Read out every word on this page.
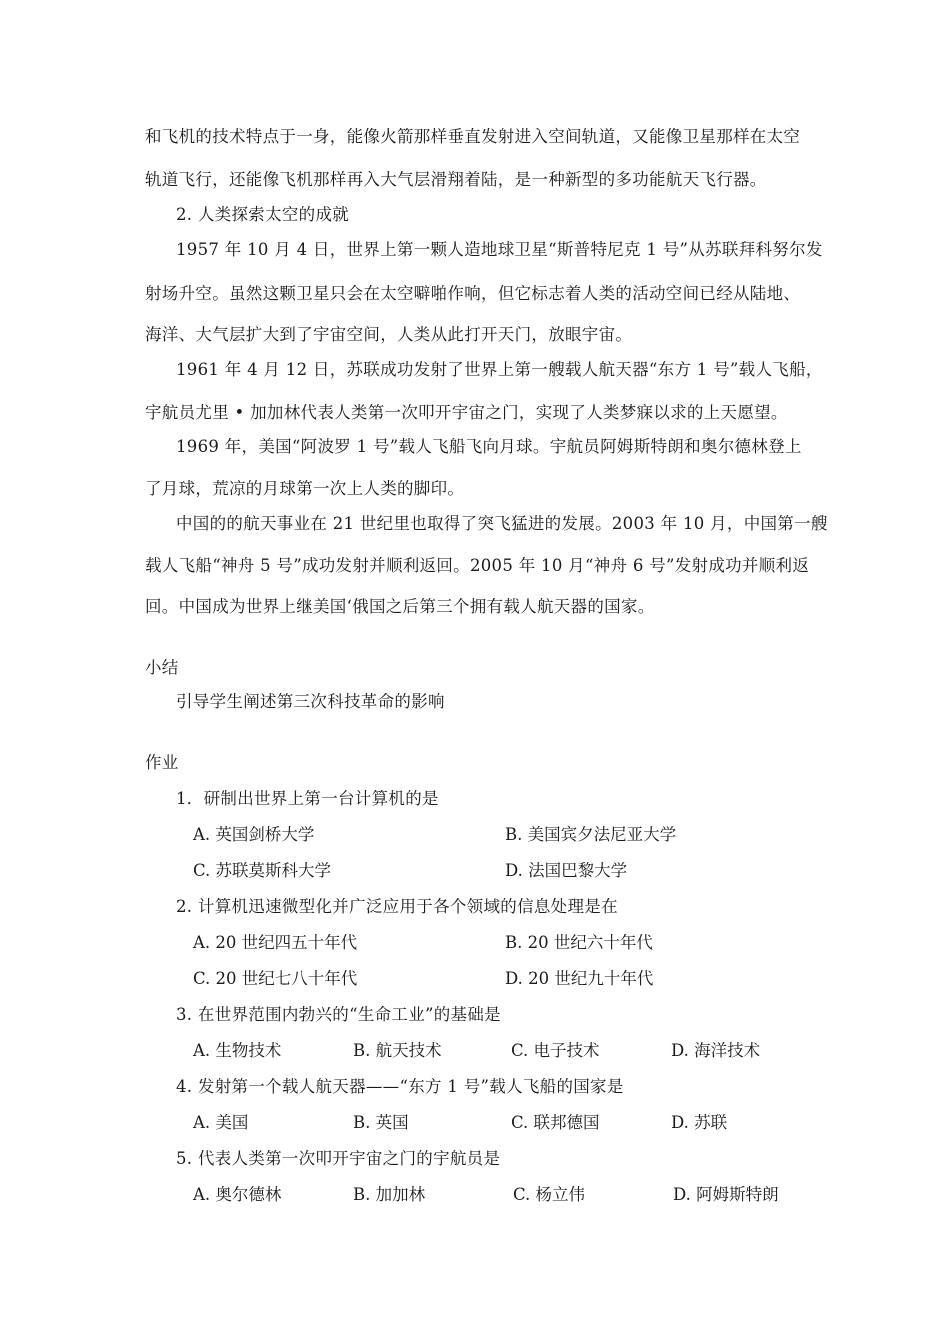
和飞机的技术特点于一身，能像火箭那样垂直发射进入空间轨道，又能像卫星那样在太空
轨道飞行，还能像飞机那样再入大气层滑翔着陆，是一种新型的多功能航天飞行器。
2. 人类探索太空的成就
1957 年 10 月 4 日，世界上第一颗人造地球卫星“斯普特尼克 1 号”从苏联拜科努尔发
射场升空。虽然这颗卫星只会在太空噼啪作响，但它标志着人类的活动空间已经从陆地、
海洋、大气层扩大到了宇宙空间，人类从此打开天门，放眼宇宙。
1961 年 4 月 12 日，苏联成功发射了世界上第一艘载人航天器“东方 1 号”载人飞船，
宇航员尤里 • 加加林代表人类第一次叩开宇宙之门，实现了人类梦寐以求的上天愿望。
1969 年，美国“阿波罗 1 号”载人飞船飞向月球。宇航员阿姆斯特朗和奥尔德林登上
了月球，荒凉的月球第一次上人类的脚印。
中国的的航天事业在 21 世纪里也取得了突飞猛进的发展。2003 年 10 月，中国第一艘
载人飞船“神舟 5 号”成功发射并顺利返回。2005 年 10 月“神舟 6 号”发射成功并顺利返
回。中国成为世界上继美国‘俄国之后第三个拥有载人航天器的国家。
小结
引导学生阐述第三次科技革命的影响
作业
1．研制出世界上第一台计算机的是
A. 英国剑桥大学	B. 美国宾夕法尼亚大学
C. 苏联莫斯科大学	D. 法国巴黎大学
2. 计算机迅速微型化并广泛应用于各个领域的信息处理是在
A. 20 世纪四五十年代	B. 20 世纪六十年代
C. 20 世纪七八十年代	D. 20 世纪九十年代
3. 在世界范围内勃兴的“生命工业”的基础是
A. 生物技术	B. 航天技术	C. 电子技术	D. 海洋技术
4. 发射第一个载人航天器——“东方 1 号”载人飞船的国家是
A. 美国	B. 英国	C. 联邦德国	D. 苏联
5. 代表人类第一次叩开宇宙之门的宇航员是
A. 奥尔德林	B. 加加林	C. 杨立伟	D. 阿姆斯特朗
